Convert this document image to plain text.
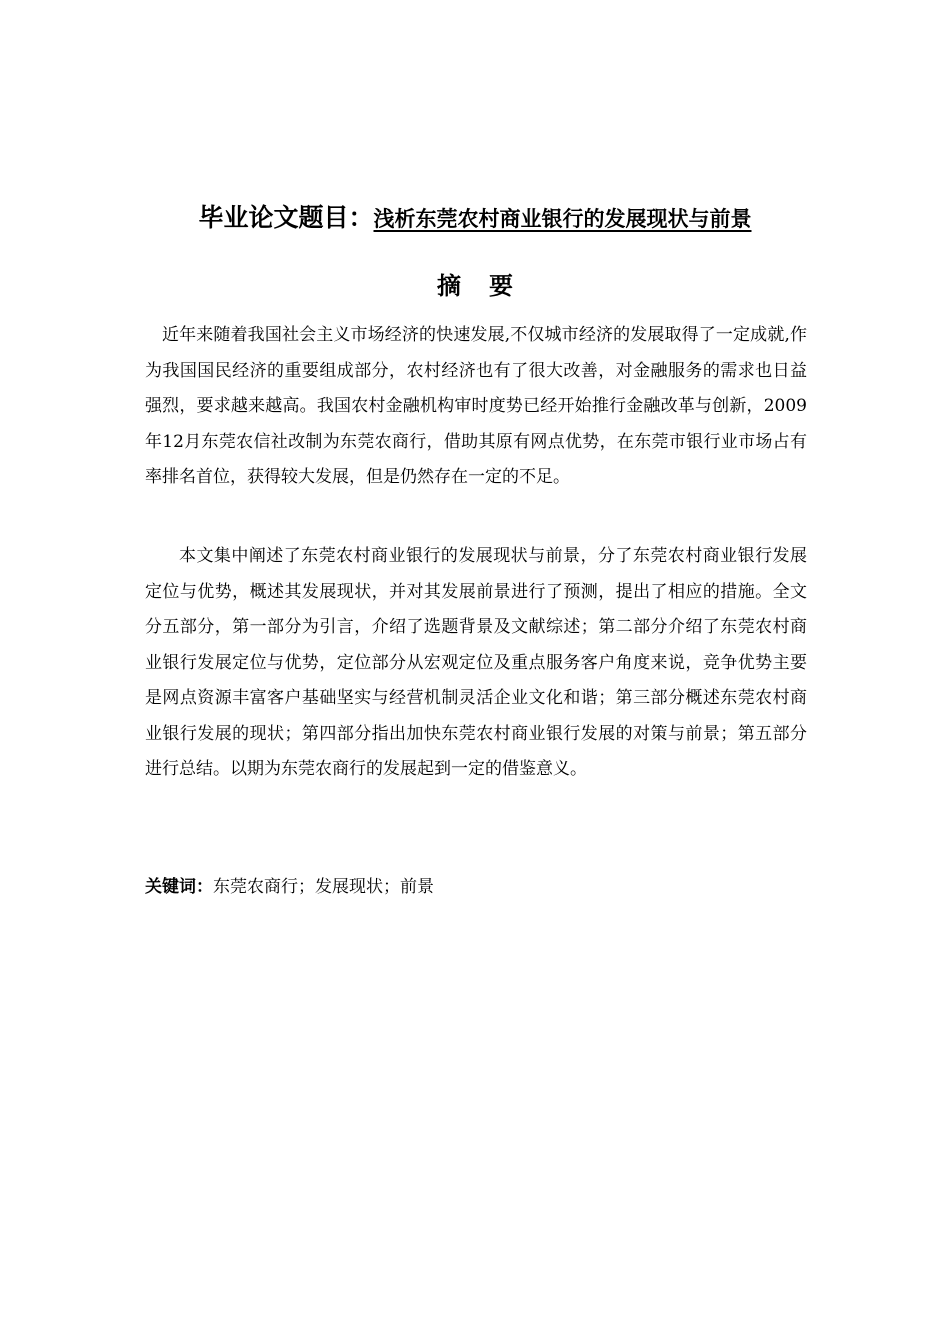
毕业论文题目：浅析东莞农村商业银行的发展现状与前景
摘要

近年来随着我国社会主义市场经济的快速发展,不仅城市经济的发展取得了一定成就,作为我国国民经济的重要组成部分，农村经济也有了很大改善，对金融服务的需求也日益强烈，要求越来越高。我国农村金融机构审时度势已经开始推行金融改革与创新，2009年12月东莞农信社改制为东莞农商行，借助其原有网点优势，在东莞市银行业市场占有率排名首位，获得较大发展，但是仍然存在一定的不足。

本文集中阐述了东莞农村商业银行的发展现状与前景，分了东莞农村商业银行发展定位与优势，概述其发展现状，并对其发展前景进行了预测，提出了相应的措施。全文分五部分，第一部分为引言，介绍了选题背景及文献综述；第二部分介绍了东莞农村商业银行发展定位与优势，定位部分从宏观定位及重点服务客户角度来说，竞争优势主要是网点资源丰富客户基础坚实与经营机制灵活企业文化和谐；第三部分概述东莞农村商业银行发展的现状；第四部分指出加快东莞农村商业银行发展的对策与前景；第五部分进行总结。以期为东莞农商行的发展起到一定的借鉴意义。

关键词：东莞农商行；发展现状；前景
